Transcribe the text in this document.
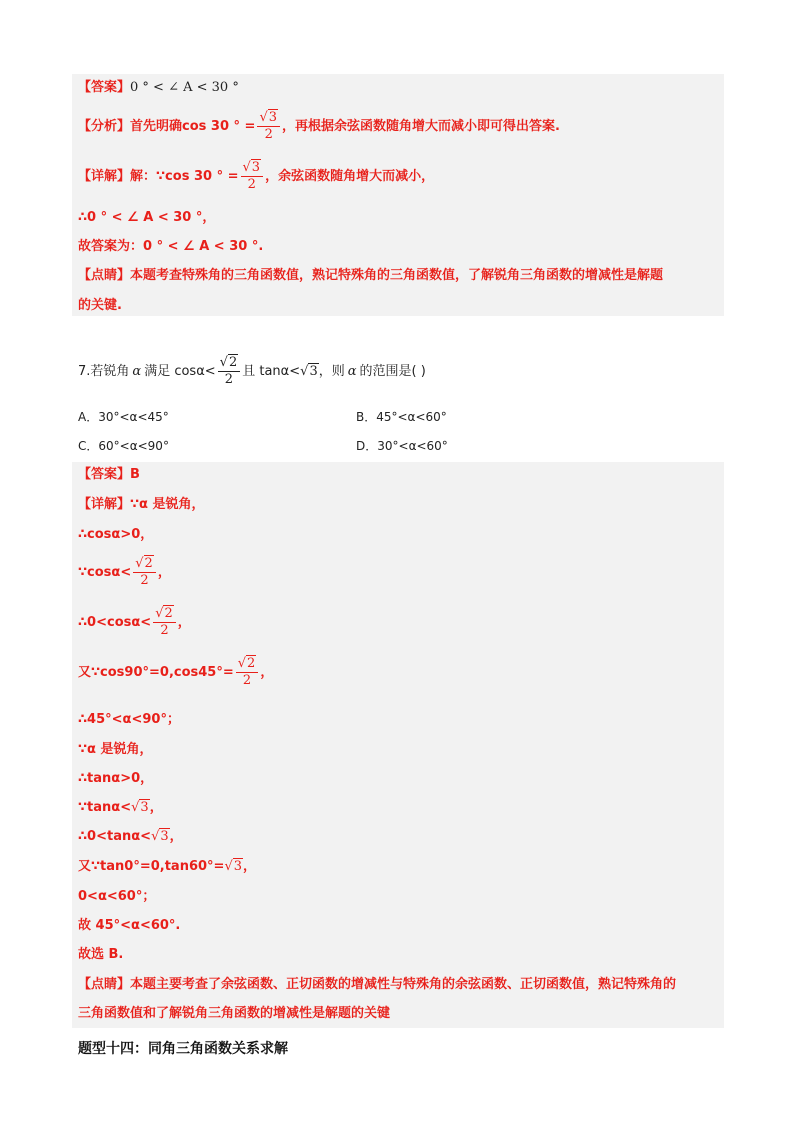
【答案】 0 ° < ∠ A < 30 °
【分析】 首先明确cos 30 ° = $\frac{√3}{2}$ ，再根据余弦函数随角增大而减小即可得出答案.
【详解】 解：∵cos 30 ° = $\frac{√3}{2}$ ，余弦函数随角增大而减小，
∴0 ° < ∠ A < 30 °，
故答案为：0 ° < ∠ A < 30 °.
【点睛】 本题考查特殊角的三角函数值，熟记特殊角的三角函数值，了解锐角三角函数的增减性是解题
的关键.
7.若锐角 α 满足 $\cos\alpha< \frac{√2}{2}$ 且 tanα< √3 ，则 α 的范围是( )
A．30°<α<45°	B．45°<α<60°
C．60°<α<90°	D．30°<α<60°
【答案】B
【详解】∵α 是锐角，
∴cosα>0，
∵cosα< $\frac{√2}{2}$ ，
∴0<cosα< $\frac{√2}{2}$ ，
又∵cos90°=0,cos45°= $\frac{√2}{2}$ ，
∴45°<α<90°；
∵α 是锐角，
∴tanα>0，
∵tanα< √3 ，
∴0<tanα< √3 ，
又∵tan0°=0,tan60°= √3 ，
0<α<60°；
故 45°<α<60°.
故选 B.
【点睛】本题主要考查了余弦函数、正切函数的增减性与特殊角的余弦函数、正切函数值，熟记特殊角的
三角函数值和了解锐角三角函数的增减性是解题的关键
题型十四：同角三角函数关系求解
